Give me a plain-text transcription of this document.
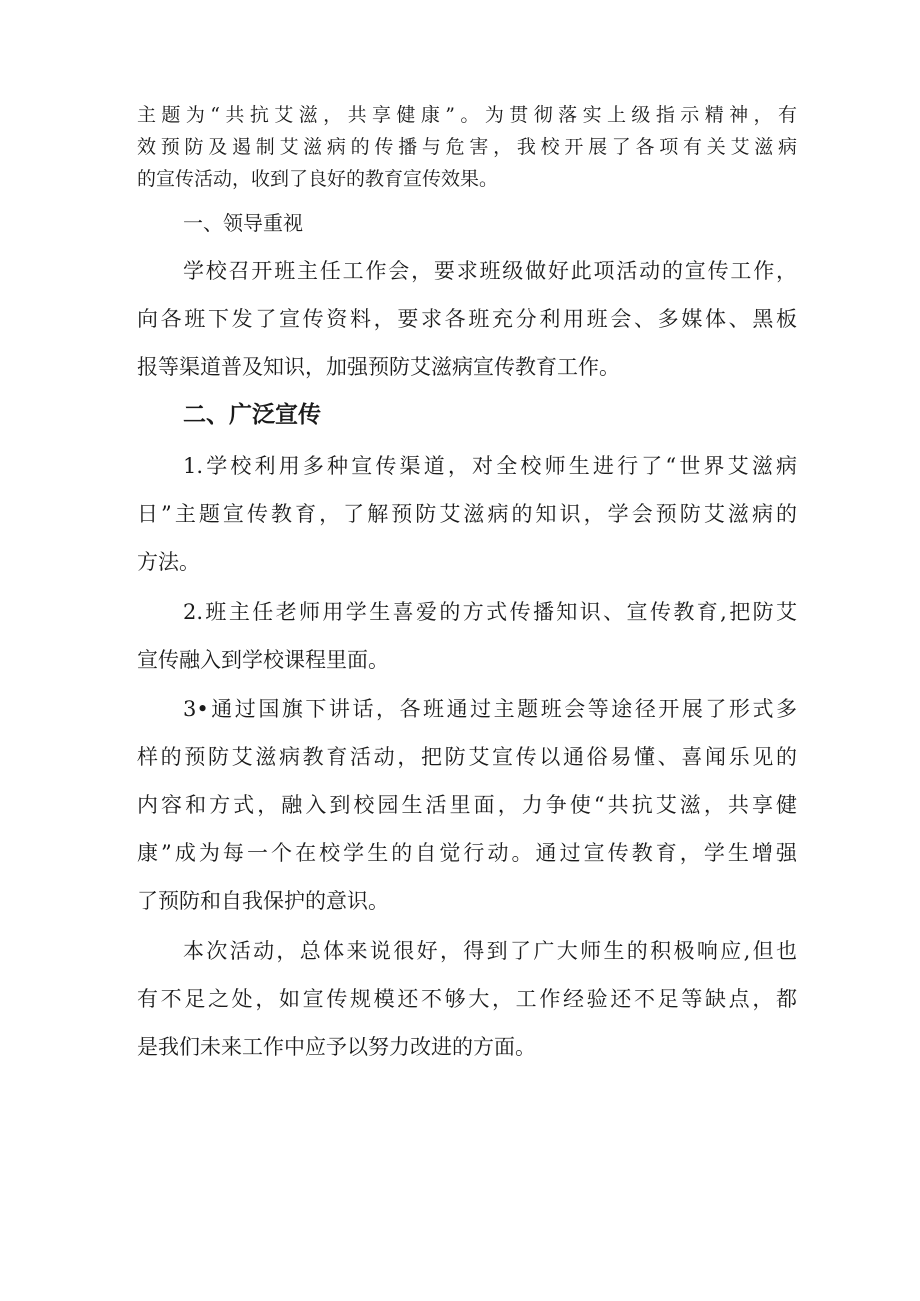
主题为“共抗艾滋，共享健康”。为贯彻落实上级指示精神，有
效预防及遏制艾滋病的传播与危害，我校开展了各项有关艾滋病
的宣传活动，收到了良好的教育宣传效果。
一、领导重视
学校召开班主任工作会，要求班级做好此项活动的宣传工作，
向各班下发了宣传资料，要求各班充分利用班会、多媒体、黑板
报等渠道普及知识，加强预防艾滋病宣传教育工作。
二、广泛宣传
1.学校利用多种宣传渠道，对全校师生进行了“世界艾滋病
日”主题宣传教育，了解预防艾滋病的知识，学会预防艾滋病的
方法。
2.班主任老师用学生喜爱的方式传播知识、宣传教育,把防艾
宣传融入到学校课程里面。
3•通过国旗下讲话，各班通过主题班会等途径开展了形式多
样的预防艾滋病教育活动，把防艾宣传以通俗易懂、喜闻乐见的
内容和方式，融入到校园生活里面，力争使“共抗艾滋，共享健
康”成为每一个在校学生的自觉行动。通过宣传教育，学生增强
了预防和自我保护的意识。
本次活动，总体来说很好，得到了广大师生的积极响应,但也
有不足之处，如宣传规模还不够大，工作经验还不足等缺点，都
是我们未来工作中应予以努力改进的方面。
